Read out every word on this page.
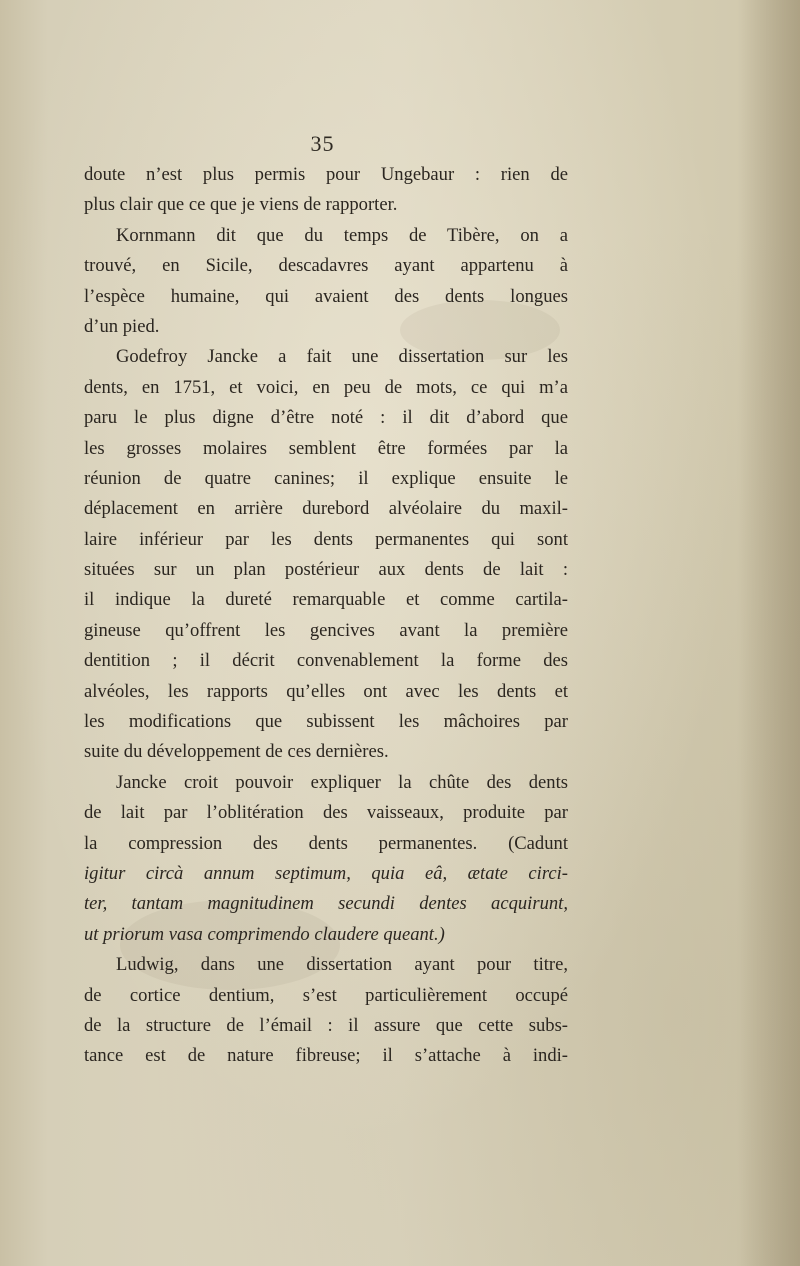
35
doute n’est plus permis pour Ungebaur : rien de
plus clair que ce que je viens de rapporter.
Kornmann dit que du temps de Tibère, on a
trouvé, en Sicile, descadavres ayant appartenu à
l’espèce humaine, qui avaient des dents longues
d’un pied.
Godefroy Jancke a fait une dissertation sur les
dents, en 1751, et voici, en peu de mots, ce qui m’a
paru le plus digne d’être noté : il dit d’abord que
les grosses molaires semblent être formées par la
réunion de quatre canines; il explique ensuite le
déplacement en arrière durebord alvéolaire du maxil-
laire inférieur par les dents permanentes qui sont
situées sur un plan postérieur aux dents de lait :
il indique la dureté remarquable et comme cartila-
gineuse qu’offrent les gencives avant la première
dentition ; il décrit convenablement la forme des
alvéoles, les rapports qu’elles ont avec les dents et
les modifications que subissent les mâchoires par
suite du développement de ces dernières.
Jancke croit pouvoir expliquer la chûte des dents
de lait par l’oblitération des vaisseaux, produite par
la compression des dents permanentes. (Cadunt
igitur circà annum septimum, quia eâ, ætate circi-
ter, tantam magnitudinem secundi dentes acquirunt,
ut priorum vasa comprimendo claudere queant.)
Ludwig, dans une dissertation ayant pour titre,
de cortice dentium, s’est particulièrement occupé
de la structure de l’émail : il assure que cette subs-
tance est de nature fibreuse; il s’attache à indi-
